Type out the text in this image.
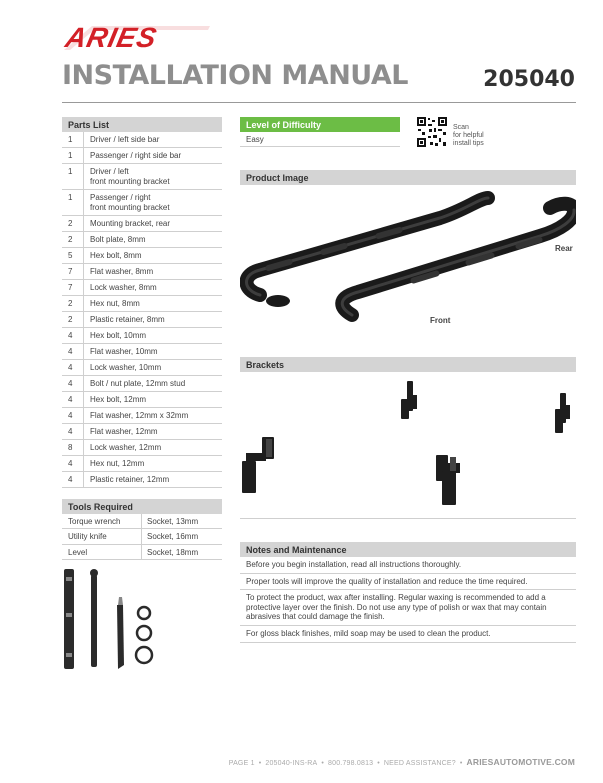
ARIES
INSTALLATION MANUAL	205040
Parts List
1	Driver / left side bar
1	Passenger / right side bar
1	Driver / left
front mounting bracket
1	Passenger / right
front mounting bracket
2	Mounting bracket, rear
2	Bolt plate, 8mm
5	Hex bolt, 8mm
7	Flat washer, 8mm
7	Lock washer, 8mm
2	Hex nut, 8mm
2	Plastic retainer, 8mm
4	Hex bolt, 10mm
4	Flat washer, 10mm
4	Lock washer, 10mm
4	Bolt / nut plate, 12mm stud
4	Hex bolt, 12mm
4	Flat washer, 12mm x 32mm
4	Flat washer, 12mm
8	Lock washer, 12mm
4	Hex nut, 12mm
4	Plastic retainer, 12mm
Tools Required
Torque wrench	Socket, 13mm
Utility knife	Socket, 16mm
Level	Socket, 18mm
Level of Difficulty
Easy
Scan
for helpful
install tips
Product Image
Rear
Front
Brackets
Notes and Maintenance
Before you begin installation, read all instructions thoroughly.
Proper tools will improve the quality of installation and reduce the time required.
To protect the product, wax after installing. Regular waxing is recommended to add a protective layer over the finish. Do not use any type of polish or wax that may contain abrasives that could damage the finish.
For gloss black finishes, mild soap may be used to clean the product.
PAGE 1 • 205040-INS-RA • 800.798.0813 • NEED ASSISTANCE? • ARIESAUTOMOTIVE.COM
